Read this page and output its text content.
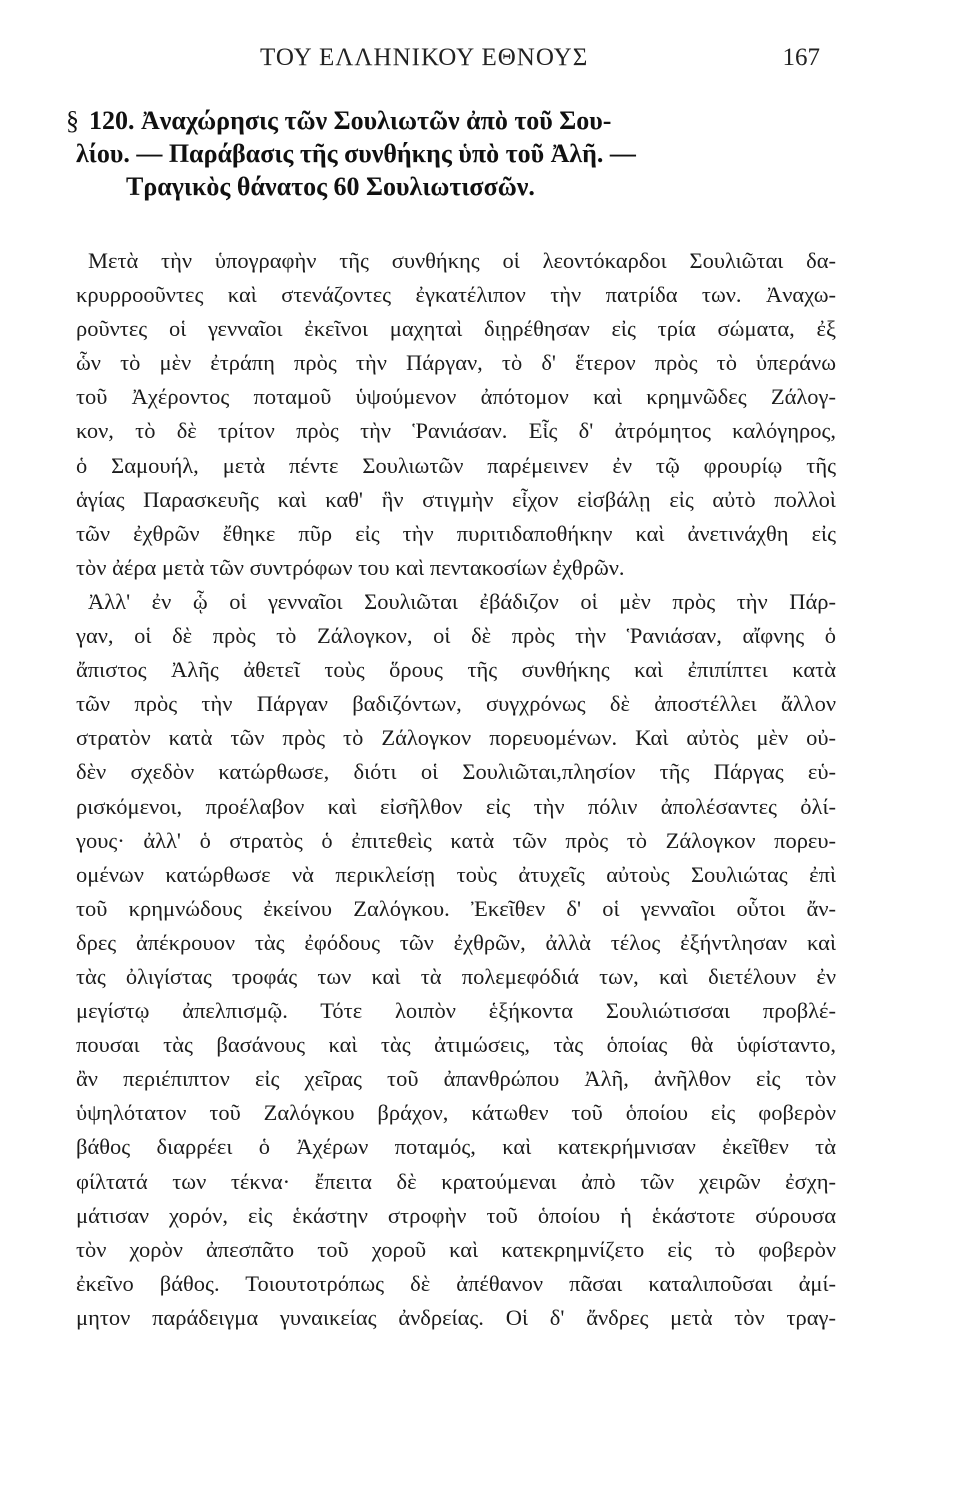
ΤΟΥ ΕΛΛΗΝΙΚΟΥ ΕΘΝΟΥΣ	167
§ 120. Ἀναχώρησις τῶν Σουλιωτῶν ἀπὸ τοῦ Σου-
λίου. — Παράβασις τῆς συνθήκης ὑπὸ τοῦ Ἀλῆ. —
Τραγικὸς θάνατος 60 Σουλιωτισσῶν.
Μετὰ τὴν ὑπογραφὴν τῆς συνθήκης οἱ λεοντόκαρδοι Σουλιῶται δα-
κρυρροοῦντες καὶ στενάζοντες ἐγκατέλιπον τὴν πατρίδα των. Ἀναχω-
ροῦντες οἱ γενναῖοι ἐκεῖνοι μαχηταὶ διῃρέθησαν εἰς τρία σώματα, ἐξ
ὧν τὸ μὲν ἐτράπη πρὸς τὴν Πάργαν, τὸ δ' ἕτερον πρὸς τὸ ὑπεράνω
τοῦ Ἀχέροντος ποταμοῦ ὑψούμενον ἀπότομον καὶ κρημνῶδες Ζάλογ-
κον, τὸ δὲ τρίτον πρὸς τὴν Ῥανιάσαν. Εἷς δ' ἀτρόμητος καλόγηρος,
ὁ Σαμουήλ, μετὰ πέντε Σουλιωτῶν παρέμεινεν ἐν τῷ φρουρίῳ τῆς
ἁγίας Παρασκευῆς καὶ καθ' ἣν στιγμὴν εἶχον εἰσβάλῃ εἰς αὐτὸ πολλοὶ
τῶν ἐχθρῶν ἔθηκε πῦρ εἰς τὴν πυριτιδαποθήκην καὶ ἀνετινάχθη εἰς
τὸν ἀέρα μετὰ τῶν συντρόφων του καὶ πεντακοσίων ἐχθρῶν.
Ἀλλ' ἐν ᾧ οἱ γενναῖοι Σουλιῶται ἐβάδιζον οἱ μὲν πρὸς τὴν Πάρ-
γαν, οἱ δὲ πρὸς τὸ Ζάλογκον, οἱ δὲ πρὸς τὴν Ῥανιάσαν, αἴφνης ὁ
ἄπιστος Ἀλῆς ἀθετεῖ τοὺς ὅρους τῆς συνθήκης καὶ ἐπιπίπτει κατὰ
τῶν πρὸς τὴν Πάργαν βαδιζόντων, συγχρόνως δὲ ἀποστέλλει ἄλλον
στρατὸν κατὰ τῶν πρὸς τὸ Ζάλογκον πορευομένων. Καὶ αὐτὸς μὲν οὐ-
δὲν σχεδὸν κατώρθωσε, διότι οἱ Σουλιῶται,πλησίον τῆς Πάργας εὑ-
ρισκόμενοι, προέλαβον καὶ εἰσῆλθον εἰς τὴν πόλιν ἀπολέσαντες ὀλί-
γους· ἀλλ' ὁ στρατὸς ὁ ἐπιτεθεὶς κατὰ τῶν πρὸς τὸ Ζάλογκον πορευ-
ομένων κατώρθωσε νὰ περικλείσῃ τοὺς ἀτυχεῖς αὐτοὺς Σουλιώτας ἐπὶ
τοῦ κρημνώδους ἐκείνου Ζαλόγκου. Ἐκεῖθεν δ' οἱ γενναῖοι οὗτοι ἄν-
δρες ἀπέκρουον τὰς ἐφόδους τῶν ἐχθρῶν, ἀλλὰ τέλος ἐξήντλησαν καὶ
τὰς ὀλιγίστας τροφάς των καὶ τὰ πολεμεφόδιά των, καὶ διετέλουν ἐν
μεγίστῳ ἀπελπισμῷ. Τότε λοιπὸν ἑξήκοντα Σουλιώτισσαι προβλέ-
πουσαι τὰς βασάνους καὶ τὰς ἀτιμώσεις, τὰς ὁποίας θὰ ὑφίσταντο,
ἂν περιέπιπτον εἰς χεῖρας τοῦ ἀπανθρώπου Ἀλῆ, ἀνῆλθον εἰς τὸν
ὑψηλότατον τοῦ Ζαλόγκου βράχον, κάτωθεν τοῦ ὁποίου εἰς φοβερὸν
βάθος διαρρέει ὁ Ἀχέρων ποταμός, καὶ κατεκρήμνισαν ἐκεῖθεν τὰ
φίλτατά των τέκνα· ἔπειτα δὲ κρατούμεναι ἀπὸ τῶν χειρῶν ἐσχη-
μάτισαν χορόν, εἰς ἑκάστην στροφὴν τοῦ ὁποίου ἡ ἑκάστοτε σύρουσα
τὸν χορὸν ἀπεσπᾶτο τοῦ χοροῦ καὶ κατεκρημνίζετο εἰς τὸ φοβερὸν
ἐκεῖνο βάθος. Τοιουτοτρόπως δὲ ἀπέθανον πᾶσαι καταλιποῦσαι ἀμί-
μητον παράδειγμα γυναικείας ἀνδρείας. Οἱ δ' ἄνδρες μετὰ τὸν τραγ-
